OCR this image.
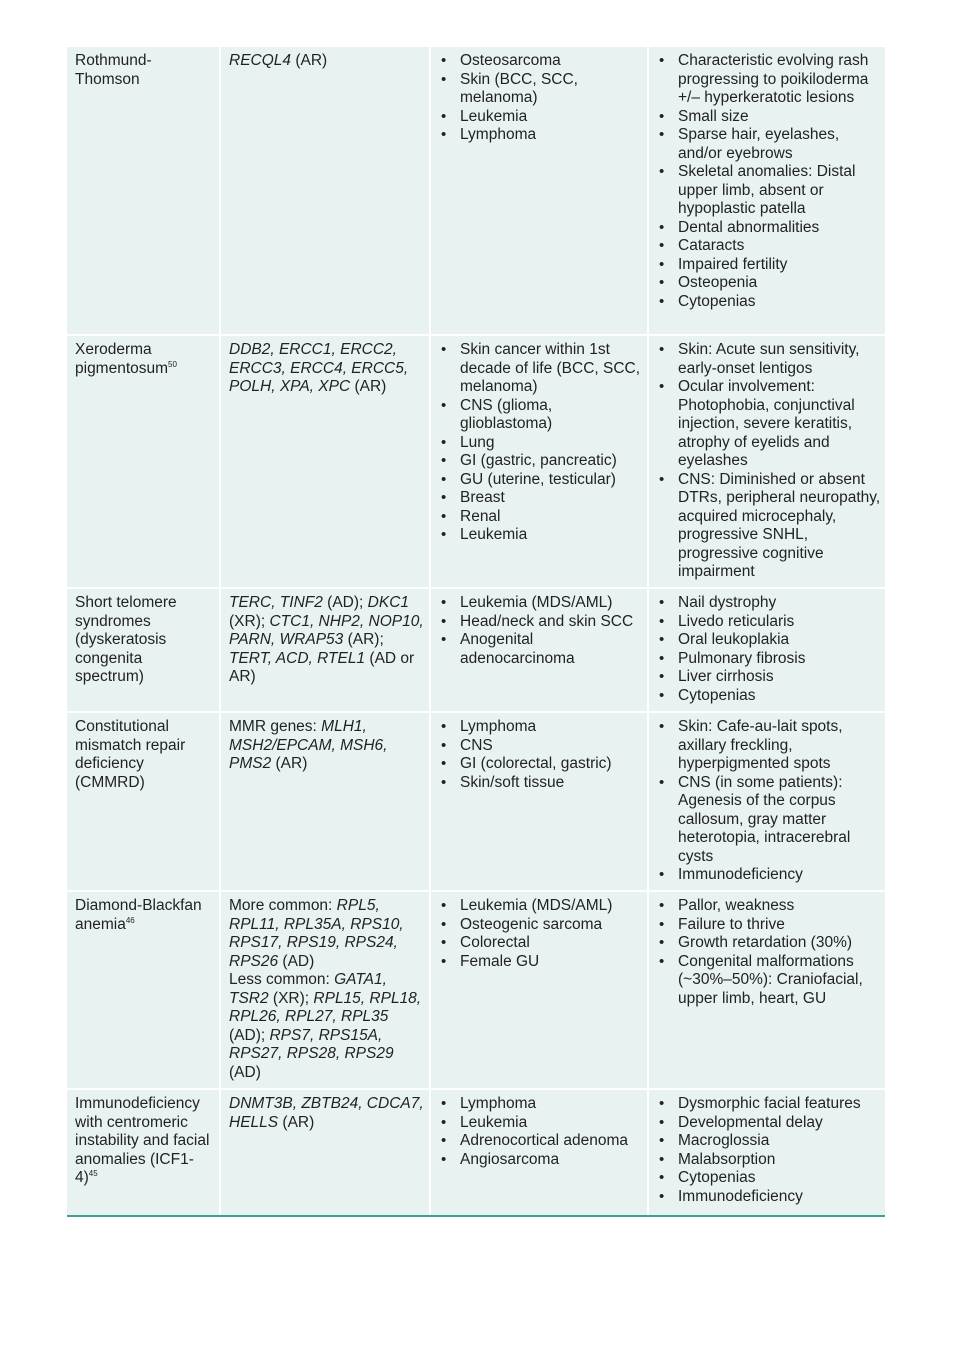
Rothmund-Thomson
RECQL4 (AR)
•	Osteosarcoma
• Skin (BCC, SCC, melanoma)
• Leukemia
• Lymphoma
• Characteristic evolving rash progressing to poikiloderma +/– hyperkeratotic lesions
• Small size
• Sparse hair, eyelashes, and/or eyebrows
• Skeletal anomalies: Distal upper limb, absent or hypoplastic patella
• Dental abnormalities
• Cataracts
• Impaired fertility
• Osteopenia
• Cytopenias
Xeroderma pigmentosum$^{50}$
DDB2, ERCC1, ERCC2, ERCC3, ERCC4, ERCC5, POLH, XPA, XPC (AR)
• Skin cancer within 1st decade of life (BCC, SCC, melanoma)
• CNS (glioma, glioblastoma)
• Lung
• GI (gastric, pancreatic)
• GU (uterine, testicular)
• Breast
• Renal
• Leukemia
• Skin: Acute sun sensitivity, early-onset lentigos
• Ocular involvement: Photophobia, conjunctival injection, severe keratitis, atrophy of eyelids and eyelashes
• CNS: Diminished or absent DTRs, peripheral neuropathy, acquired microcephaly, progressive SNHL, progressive cognitive impairment
Short telomere syndromes (dyskeratosis congenita spectrum)
TERC, TINF2 (AD); DKC1 (XR); CTC1, NHP2, NOP10, PARN, WRAP53 (AR); TERT, ACD, RTEL1 (AD or AR)
• Leukemia (MDS/AML)
• Head/neck and skin SCC
• Anogenital adenocarcinoma
• Nail dystrophy
• Livedo reticularis
• Oral leukoplakia
• Pulmonary fibrosis
• Liver cirrhosis
• Cytopenias
Constitutional mismatch repair deficiency (CMMRD)
MMR genes: MLH1, MSH2/EPCAM, MSH6, PMS2 (AR)
• Lymphoma
• CNS
• GI (colorectal, gastric)
• Skin/soft tissue
• Skin: Cafe-au-lait spots, axillary freckling, hyperpigmented spots
• CNS (in some patients): Agenesis of the corpus callosum, gray matter heterotopia, intracerebral cysts
• Immunodeficiency
Diamond-Blackfan anemia$^{46}$
More common: RPL5, RPL11, RPL35A, RPS10, RPS17, RPS19, RPS24, RPS26 (AD)
Less common: GATA1, TSR2 (XR); RPL15, RPL18, RPL26, RPL27, RPL35 (AD); RPS7, RPS15A, RPS27, RPS28, RPS29 (AD)
• Leukemia (MDS/AML)
• Osteogenic sarcoma
• Colorectal
• Female GU
• Pallor, weakness
• Failure to thrive
• Growth retardation (30%)
• Congenital malformations (~30%–50%): Craniofacial, upper limb, heart, GU
Immunodeficiency with centromeric instability and facial anomalies $(ICF1-4)^{45}$
DNMT3B, ZBTB24, CDCA7, HELLS (AR)
• Lymphoma
• Leukemia
• Adrenocortical adenoma
• Angiosarcoma
• Dysmorphic facial features
• Developmental delay
• Macroglossia
• Malabsorption
• Cytopenias
• Immunodeficiency
